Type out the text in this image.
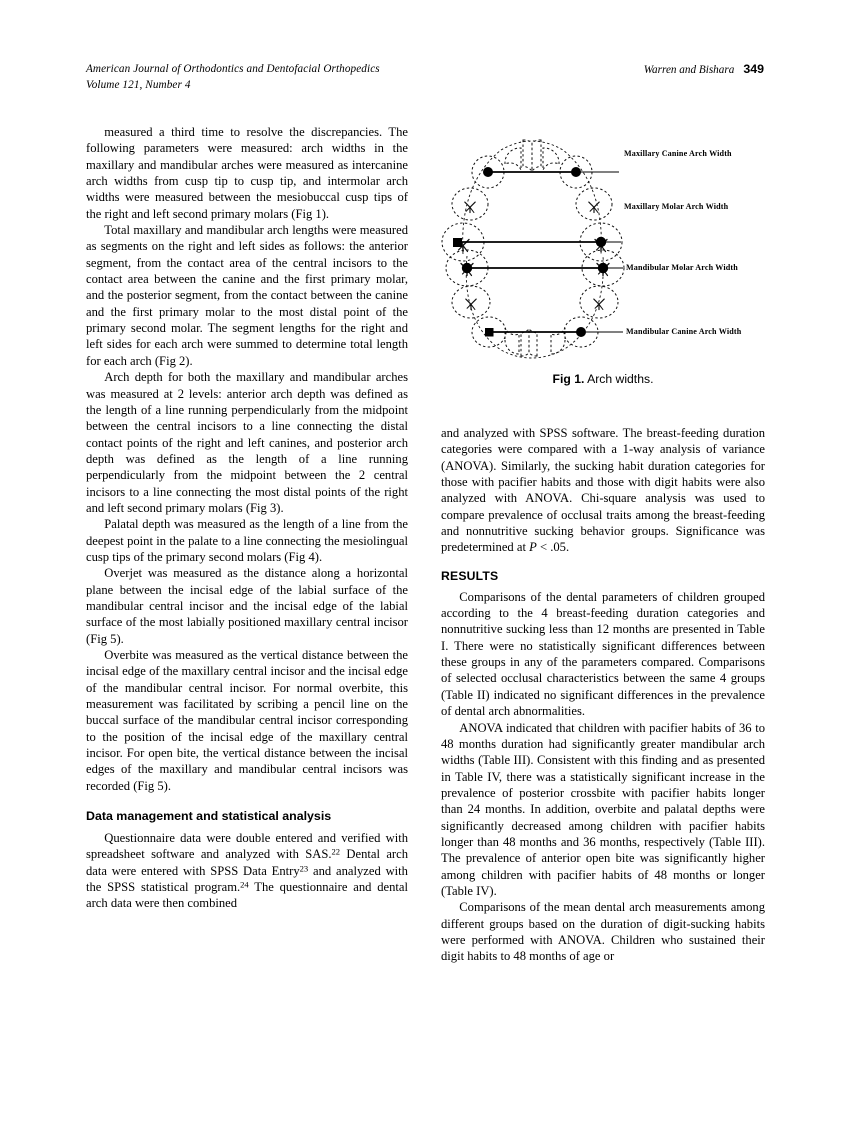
American Journal of Orthodontics and Dentofacial Orthopedics
Volume 121, Number 4
Warren and Bishara 349

measured a third time to resolve the discrepancies. The following parameters were measured: arch widths in the maxillary and mandibular arches were measured as intercanine arch widths from cusp tip to cusp tip, and intermolar arch widths were measured between the mesiobuccal cusp tips of the right and left second primary molars (Fig 1).

Total maxillary and mandibular arch lengths were measured as segments on the right and left sides as follows: the anterior segment, from the contact area of the central incisors to the contact area between the canine and the first primary molar, and the posterior segment, from the contact between the canine and the first primary molar to the most distal point of the primary second molar. The segment lengths for the right and left sides for each arch were summed to determine total length for each arch (Fig 2).

Arch depth for both the maxillary and mandibular arches was measured at 2 levels: anterior arch depth was defined as the length of a line running perpendicularly from the midpoint between the central incisors to a line connecting the distal contact points of the right and left canines, and posterior arch depth was defined as the length of a line running perpendicularly from the midpoint between the 2 central incisors to a line connecting the most distal points of the right and left second primary molars (Fig 3).

Palatal depth was measured as the length of a line from the deepest point in the palate to a line connecting the mesiolingual cusp tips of the primary second molars (Fig 4).

Overjet was measured as the distance along a horizontal plane between the incisal edge of the labial surface of the mandibular central incisor and the incisal edge of the labial surface of the most labially positioned maxillary central incisor (Fig 5).

Overbite was measured as the vertical distance between the incisal edge of the maxillary central incisor and the incisal edge of the mandibular central incisor. For normal overbite, this measurement was facilitated by scribing a pencil line on the buccal surface of the mandibular central incisor corresponding to the position of the incisal edge of the maxillary central incisor. For open bite, the vertical distance between the incisal edges of the maxillary and mandibular central incisors was recorded (Fig 5).

Data management and statistical analysis

Questionnaire data were double entered and verified with spreadsheet software and analyzed with SAS.$^{22}$ Dental arch data were entered with SPSS Data Entry$^{23}$ and analyzed with the SPSS statistical program.$^{24}$ The questionnaire and dental arch data were then combined

Maxillary Canine Arch Width
Maxillary Molar Arch Width
Mandibular Molar Arch Width
Mandibular Canine Arch Width
Fig 1. Arch widths.

and analyzed with SPSS software. The breast-feeding duration categories were compared with a 1-way analysis of variance (ANOVA). Similarly, the sucking habit duration categories for those with pacifier habits and those with digit habits were also analyzed with ANOVA. Chi-square analysis was used to compare prevalence of occlusal traits among the breast-feeding and nonnutritive sucking behavior groups. Significance was predetermined at P < .05.

RESULTS

Comparisons of the dental parameters of children grouped according to the 4 breast-feeding duration categories and nonnutritive sucking less than 12 months are presented in Table I. There were no statistically significant differences between these groups in any of the parameters compared. Comparisons of selected occlusal characteristics between the same 4 groups (Table II) indicated no significant differences in the prevalence of dental arch abnormalities.

ANOVA indicated that children with pacifier habits of 36 to 48 months duration had significantly greater mandibular arch widths (Table III). Consistent with this finding and as presented in Table IV, there was a statistically significant increase in the prevalence of posterior crossbite with pacifier habits longer than 24 months. In addition, overbite and palatal depths were significantly decreased among children with pacifier habits longer than 48 months and 36 months, respectively (Table III). The prevalence of anterior open bite was significantly higher among children with pacifier habits of 48 months or longer (Table IV).

Comparisons of the mean dental arch measurements among different groups based on the duration of digit-sucking habits were performed with ANOVA. Children who sustained their digit habits to 48 months of age or
